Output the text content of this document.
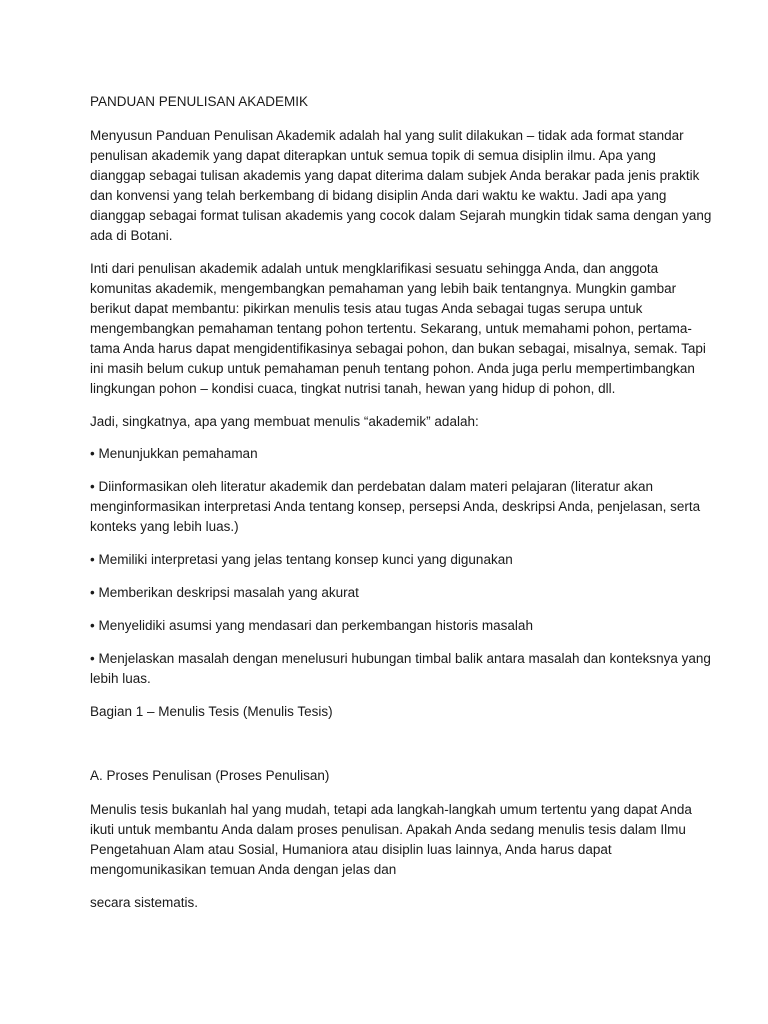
PANDUAN PENULISAN AKADEMIK
Menyusun Panduan Penulisan Akademik adalah hal yang sulit dilakukan – tidak ada format standar
penulisan akademik yang dapat diterapkan untuk semua topik di semua disiplin ilmu. Apa yang
dianggap sebagai tulisan akademis yang dapat diterima dalam subjek Anda berakar pada jenis praktik
dan konvensi yang telah berkembang di bidang disiplin Anda dari waktu ke waktu. Jadi apa yang
dianggap sebagai format tulisan akademis yang cocok dalam Sejarah mungkin tidak sama dengan yang
ada di Botani.
Inti dari penulisan akademik adalah untuk mengklarifikasi sesuatu sehingga Anda, dan anggota
komunitas akademik, mengembangkan pemahaman yang lebih baik tentangnya. Mungkin gambar
berikut dapat membantu: pikirkan menulis tesis atau tugas Anda sebagai tugas serupa untuk
mengembangkan pemahaman tentang pohon tertentu. Sekarang, untuk memahami pohon, pertama-
tama Anda harus dapat mengidentifikasinya sebagai pohon, dan bukan sebagai, misalnya, semak. Tapi
ini masih belum cukup untuk pemahaman penuh tentang pohon. Anda juga perlu mempertimbangkan
lingkungan pohon – kondisi cuaca, tingkat nutrisi tanah, hewan yang hidup di pohon, dll.
Jadi, singkatnya, apa yang membuat menulis “akademik” adalah:
• Menunjukkan pemahaman
• Diinformasikan oleh literatur akademik dan perdebatan dalam materi pelajaran (literatur akan
menginformasikan interpretasi Anda tentang konsep, persepsi Anda, deskripsi Anda, penjelasan, serta
konteks yang lebih luas.)
• Memiliki interpretasi yang jelas tentang konsep kunci yang digunakan
• Memberikan deskripsi masalah yang akurat
• Menyelidiki asumsi yang mendasari dan perkembangan historis masalah
• Menjelaskan masalah dengan menelusuri hubungan timbal balik antara masalah dan konteksnya yang
lebih luas.
Bagian 1 – Menulis Tesis (Menulis Tesis)
A. Proses Penulisan (Proses Penulisan)
Menulis tesis bukanlah hal yang mudah, tetapi ada langkah-langkah umum tertentu yang dapat Anda
ikuti untuk membantu Anda dalam proses penulisan. Apakah Anda sedang menulis tesis dalam Ilmu
Pengetahuan Alam atau Sosial, Humaniora atau disiplin luas lainnya, Anda harus dapat
mengomunikasikan temuan Anda dengan jelas dan
secara sistematis.
